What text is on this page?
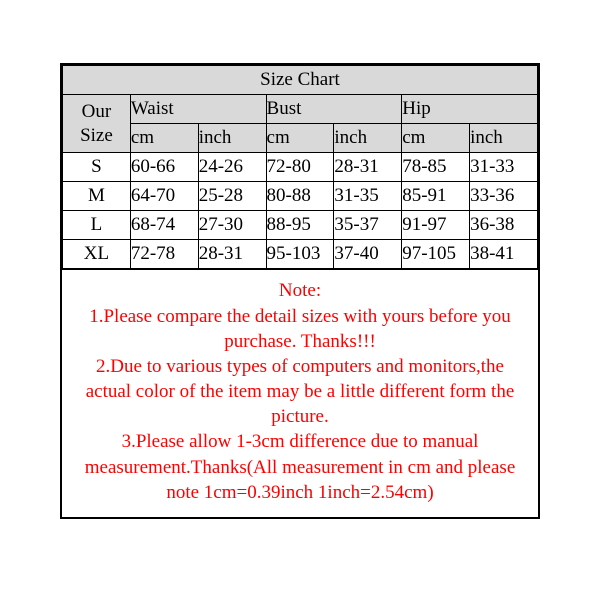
Size Chart						
Our Size	Waist		Bust		Hip	
	cm	inch	cm	inch	cm	inch
S	60-66	24-26	72-80	28-31	78-85	31-33
M	64-70	25-28	80-88	31-35	85-91	33-36
L	68-74	27-30	88-95	35-37	91-97	36-38
XL	72-78	28-31	95-103	37-40	97-105	38-41
Note:

1.Please compare the detail sizes with yours before you purchase. Thanks!!!

2.Due to various types of computers and monitors,the actual color of the item may be a little different form the picture.

3.Please allow 1-3cm difference due to manual measurement.Thanks(All measurement in cm and please note 1cm=0.39inch 1inch=2.54cm)
